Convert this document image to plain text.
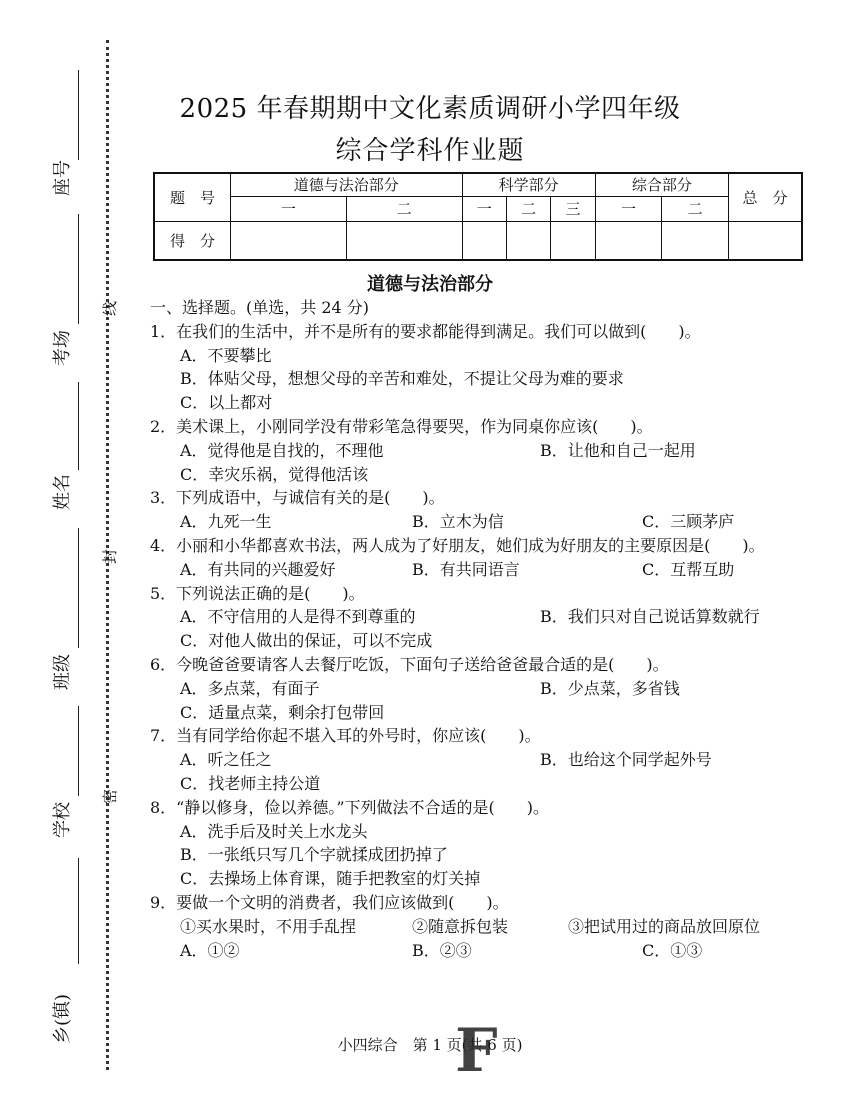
线
封
密
座号
考场
姓名
班级
学校
乡(镇)
2025 年春期期中文化素质调研小学四年级
综合学科作业题
题　号	道德与法治部分		科学部分			综合部分		总　分
	一	二	一	二	三	一	二	
得　分								
道德与法治部分
一、选择题。(单选，共 24 分)
1．在我们的生活中，并不是所有的要求都能得到满足。我们可以做到(　　)。
A．不要攀比
B．体贴父母，想想父母的辛苦和难处，不提让父母为难的要求
C．以上都对
2．美术课上，小刚同学没有带彩笔急得要哭，作为同桌你应该(　　)。
A．觉得他是自找的，不理他	B．让他和自己一起用
C．幸灾乐祸，觉得他活该
3．下列成语中，与诚信有关的是(　　)。
A．九死一生	B．立木为信	C．三顾茅庐
4．小丽和小华都喜欢书法，两人成为了好朋友，她们成为好朋友的主要原因是(　　)。
A．有共同的兴趣爱好	B．有共同语言	C．互帮互助
5．下列说法正确的是(　　)。
A．不守信用的人是得不到尊重的	B．我们只对自己说话算数就行
C．对他人做出的保证，可以不完成
6．今晚爸爸要请客人去餐厅吃饭，下面句子送给爸爸最合适的是(　　)。
A．多点菜，有面子	B．少点菜，多省钱
C．适量点菜，剩余打包带回
7．当有同学给你起不堪入耳的外号时，你应该(　　)。
A．听之任之	B．也给这个同学起外号
C．找老师主持公道
8．“静以修身，俭以养德。”下列做法不合适的是(　　)。
A．洗手后及时关上水龙头
B．一张纸只写几个字就揉成团扔掉了
C．去操场上体育课，随手把教室的灯关掉
9．要做一个文明的消费者，我们应该做到(　　)。
①买水果时，不用手乱捏	②随意拆包装	③把试用过的商品放回原位
A．①②	B．②③	C．①③
小四综合　第 1 页(共 6 页)
F
